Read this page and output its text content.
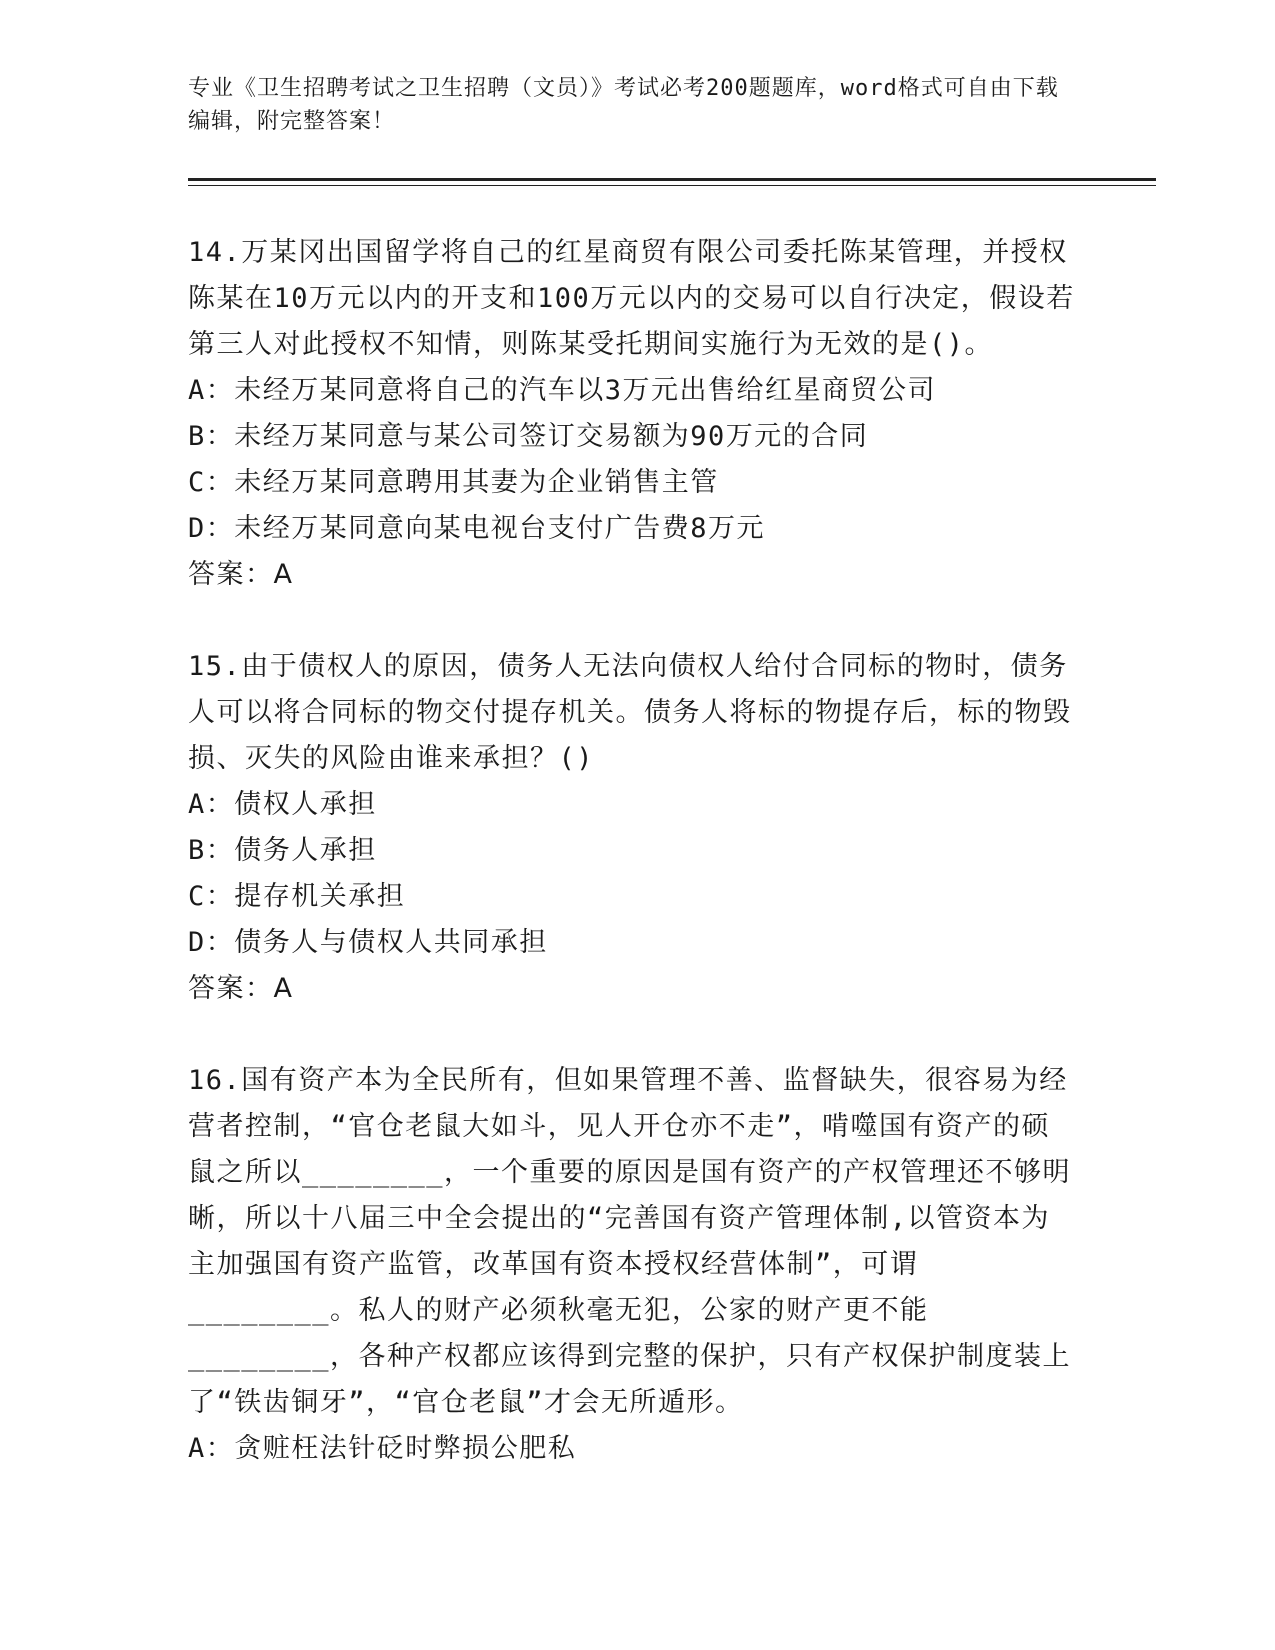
专业《卫生招聘考试之卫生招聘（文员）》考试必考200题题库，word格式可自由下载编辑，附完整答案！
14.万某冈出国留学将自己的红星商贸有限公司委托陈某管理，并授权陈某在10万元以内的开支和100万元以内的交易可以自行决定，假设若第三人对此授权不知情，则陈某受托期间实施行为无效的是()。
A：未经万某同意将自己的汽车以3万元出售给红星商贸公司
B：未经万某同意与某公司签订交易额为90万元的合同
C：未经万某同意聘用其妻为企业销售主管
D：未经万某同意向某电视台支付广告费8万元
答案：A
15.由于债权人的原因，债务人无法向债权人给付合同标的物时，债务人可以将合同标的物交付提存机关。债务人将标的物提存后，标的物毁损、灭失的风险由谁来承担？()
A：债权人承担
B：债务人承担
C：提存机关承担
D：债务人与债权人共同承担
答案：A
16.国有资产本为全民所有，但如果管理不善、监督缺失，很容易为经营者控制，“官仓老鼠大如斗，见人开仓亦不走”，啃噬国有资产的硕鼠之所以________，一个重要的原因是国有资产的产权管理还不够明晰，所以十八届三中全会提出的“完善国有资产管理体制,以管资本为主加强国有资产监管，改革国有资本授权经营体制”，可谓________。私人的财产必须秋毫无犯，公家的财产更不能________，各种产权都应该得到完整的保护，只有产权保护制度装上了“铁齿铜牙”，“官仓老鼠”才会无所遁形。
A：贪赃枉法针砭时弊损公肥私
